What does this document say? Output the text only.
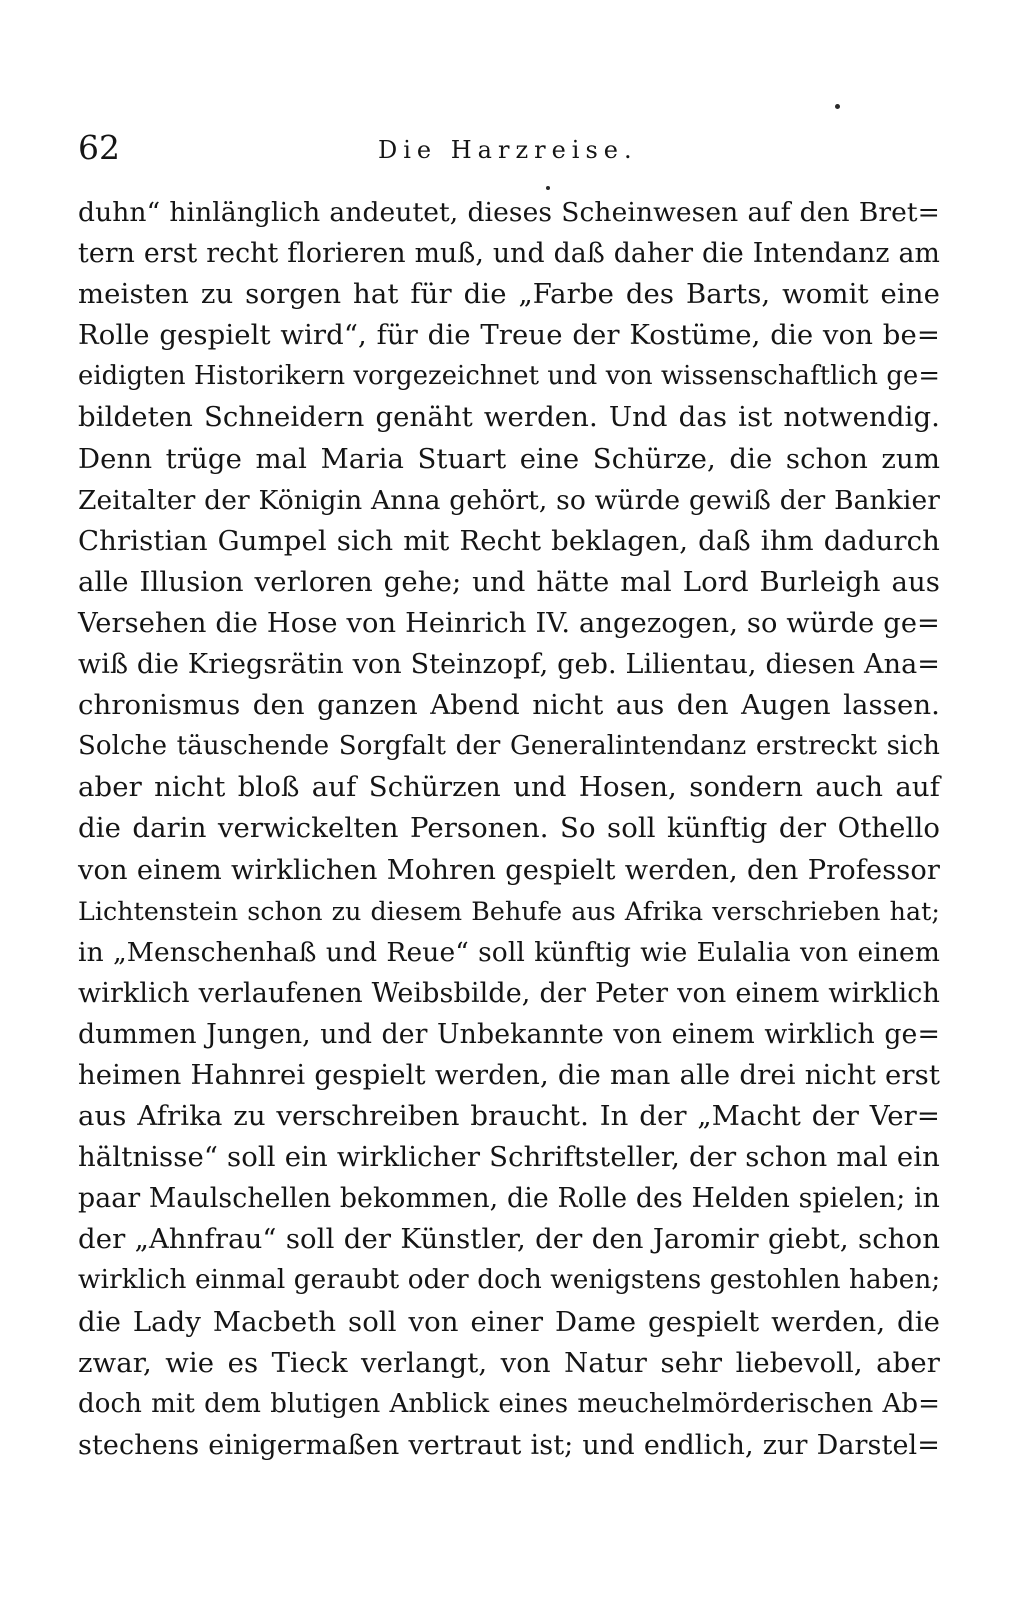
62	Die Harzreise.
duhn“ hinlänglich andeutet, dieses Scheinwesen auf den Bret=
tern erst recht florieren muß, und daß daher die Intendanz am
meisten zu sorgen hat für die „Farbe des Barts, womit eine
Rolle gespielt wird“, für die Treue der Kostüme, die von be=
eidigten Historikern vorgezeichnet und von wissenschaftlich ge=
bildeten Schneidern genäht werden. Und das ist notwendig.
Denn trüge mal Maria Stuart eine Schürze, die schon zum
Zeitalter der Königin Anna gehört, so würde gewiß der Bankier
Christian Gumpel sich mit Recht beklagen, daß ihm dadurch
alle Illusion verloren gehe; und hätte mal Lord Burleigh aus
Versehen die Hose von Heinrich IV. angezogen, so würde ge=
wiß die Kriegsrätin von Steinzopf, geb. Lilientau, diesen Ana=
chronismus den ganzen Abend nicht aus den Augen lassen.
Solche täuschende Sorgfalt der Generalintendanz erstreckt sich
aber nicht bloß auf Schürzen und Hosen, sondern auch auf
die darin verwickelten Personen. So soll künftig der Othello
von einem wirklichen Mohren gespielt werden, den Professor
Lichtenstein schon zu diesem Behufe aus Afrika verschrieben hat;
in „Menschenhaß und Reue“ soll künftig wie Eulalia von einem
wirklich verlaufenen Weibsbilde, der Peter von einem wirklich
dummen Jungen, und der Unbekannte von einem wirklich ge=
heimen Hahnrei gespielt werden, die man alle drei nicht erst
aus Afrika zu verschreiben braucht. In der „Macht der Ver=
hältnisse“ soll ein wirklicher Schriftsteller, der schon mal ein
paar Maulschellen bekommen, die Rolle des Helden spielen; in
der „Ahnfrau“ soll der Künstler, der den Jaromir giebt, schon
wirklich einmal geraubt oder doch wenigstens gestohlen haben;
die Lady Macbeth soll von einer Dame gespielt werden, die
zwar, wie es Tieck verlangt, von Natur sehr liebevoll, aber
doch mit dem blutigen Anblick eines meuchelmörderischen Ab=
stechens einigermaßen vertraut ist; und endlich, zur Darstel=
